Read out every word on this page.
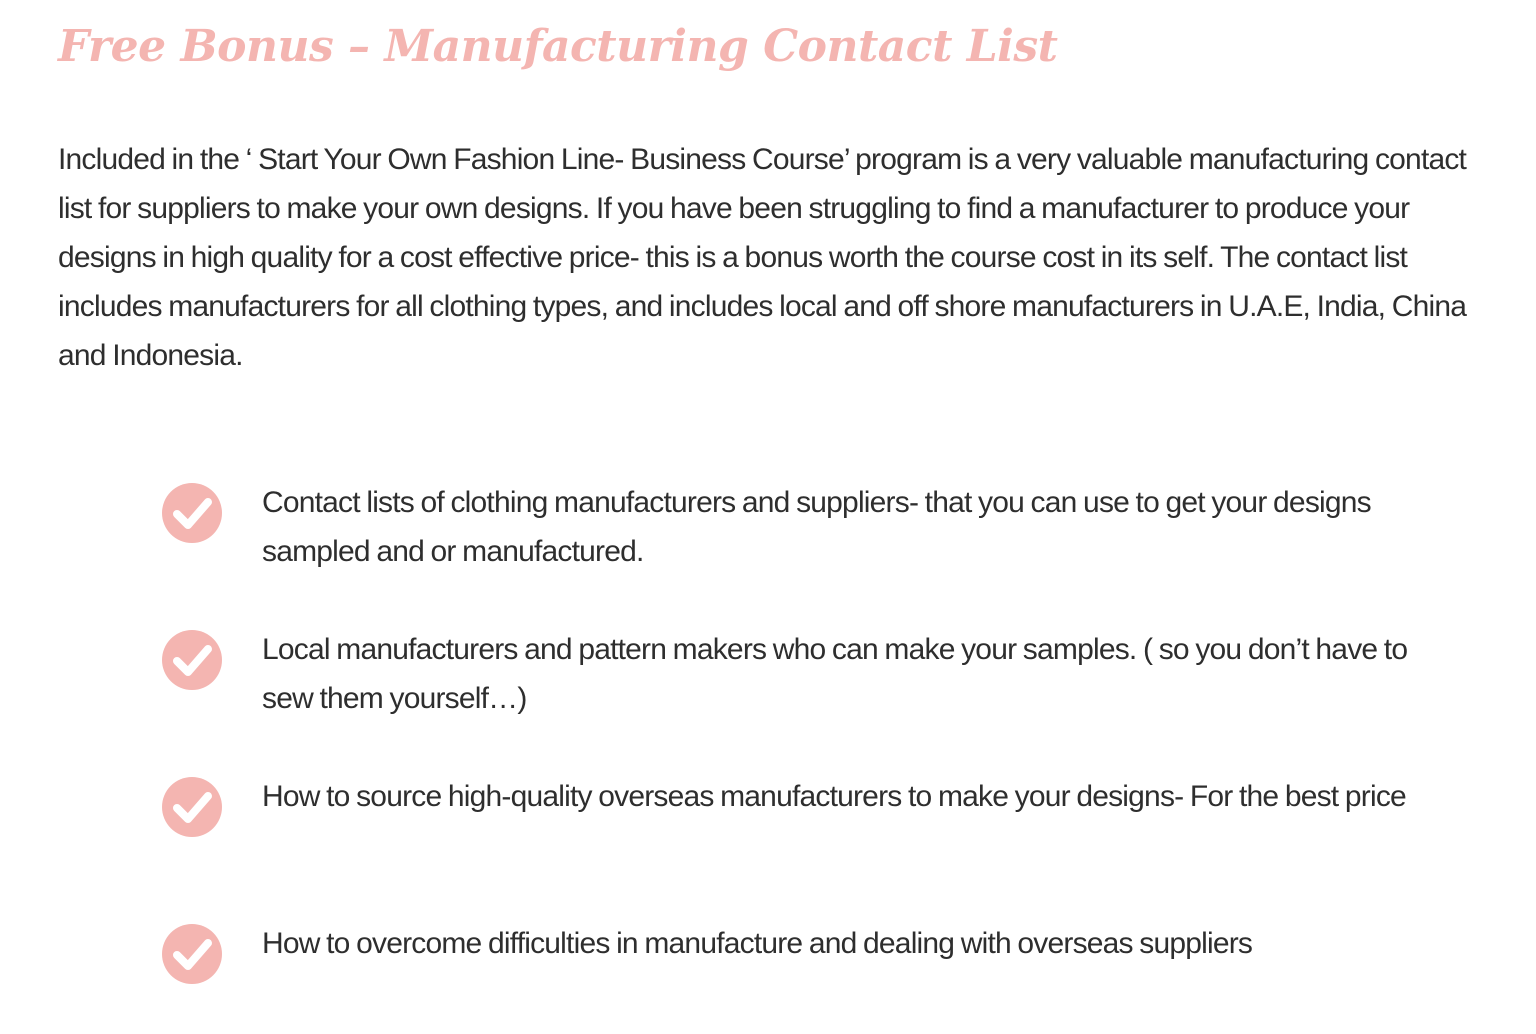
Free Bonus – Manufacturing Contact List

Included in the ‘ Start Your Own Fashion Line- Business Course’ program is a very valuable manufacturing contact list for suppliers to make your own designs. If you have been struggling to find a manufacturer to produce your designs in high quality for a cost effective price- this is a bonus worth the course cost in its self. The contact list includes manufacturers for all clothing types, and includes local and off shore manufacturers in U.A.E, India, China and Indonesia.

Contact lists of clothing manufacturers and suppliers- that you can use to get your designs sampled and or manufactured.

Local manufacturers and pattern makers who can make your samples. ( so you don’t have to sew them yourself…)

How to source high-quality overseas manufacturers to make your designs- For the best price

How to overcome difficulties in manufacture and dealing with overseas suppliers
